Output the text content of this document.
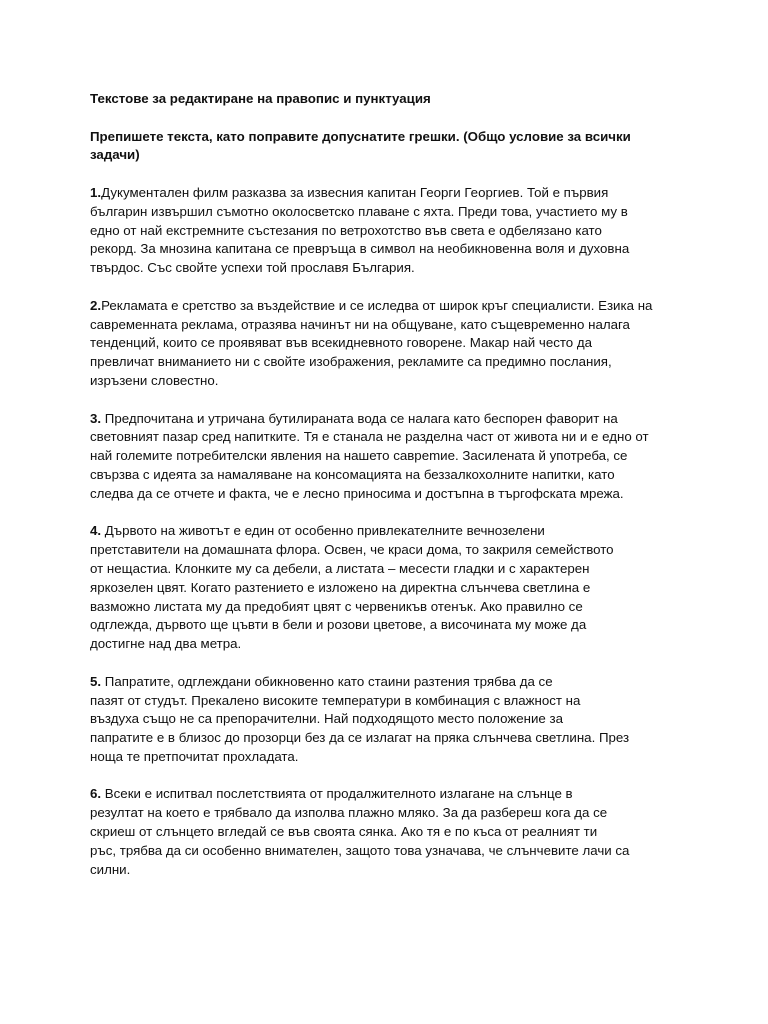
Текстове за редактиране на правопис и пунктуация

Препишете текста, като поправите допуснатите грешки. (Общо условие за всички
задачи)

1.Дукументален филм разказва за извесния капитан Георги Георгиев. Той е първия
българин извършил съмотно околосветско плаване с яхта. Преди това, участието му в
едно от най екстремните състезания по ветрохотство във света е одбелязано като
рекорд. За мнозина капитана се превръща в символ на необикновенна воля и духовна
твърдос. Със свойте успехи той прославя България.

2.Рекламата е сретство за въздействие и се иследва от широк кръг специалисти. Езика на
савременната реклама, отразява начинът ни на общуване, като същевременно налага
тенденций, които се проявяват във всекидневното говорене. Макар най често да
превличат вниманието ни с свойте изображения, рекламите са предимно послания,
изръзени словестно.

3. Предпочитана и утричана бутилираната вода се налага като беспорен фаворит на
световният пазар сред напитките. Тя е станала не разделна част от живота ни и е едно от
най големите потребителски явления на нашето саврemие. Засилената й употреба, се
свързва с идеята за намаляване на консомацията на беззалкохолните напитки, като
следва да се отчете и факта, че е лесно приносима и достъпна в търгофската мрежа.

4. Дървото на животът е един от особенно привлекателните вечнозелени
претставители на домашната флора. Освен, че краси дома, то закриля семейството
от нещастиа. Клонките му са дебели, а листата – месести гладки и с характерен
яркозелен цвят. Когато разтението е изложено на директна слънчева светлина е
вазможно листата му да предобият цвят с червеникъв отенък. Ако правилно се
одглежда, дървото ще цъвти в бели и розови цветове, а височината му може да
достигне над два метра.

5. Папратите, одглеждани обикновенно като стаини разтения трябва да се
пазят от студът. Прекалено високите температури в комбинация с влажност на
въздуха също не са препорачителни. Най подходящото место положение за
папратите е в близос до прозорци без да се излагат на пряка слънчева светлина. През
ноща те претпочитат прохладата.

6. Всеки е испитвал послетствията от продалжителното излагане на слънце в
резултат на което е трябвало да изполва плажно мляко. За да разбереш кога да се
скриеш от слънцето вгледай се във своята сянка. Ако тя е по къса от реалният ти
ръс, трябва да си особенно внимателен, защото това узначава, че слънчевите лачи са
силни.
